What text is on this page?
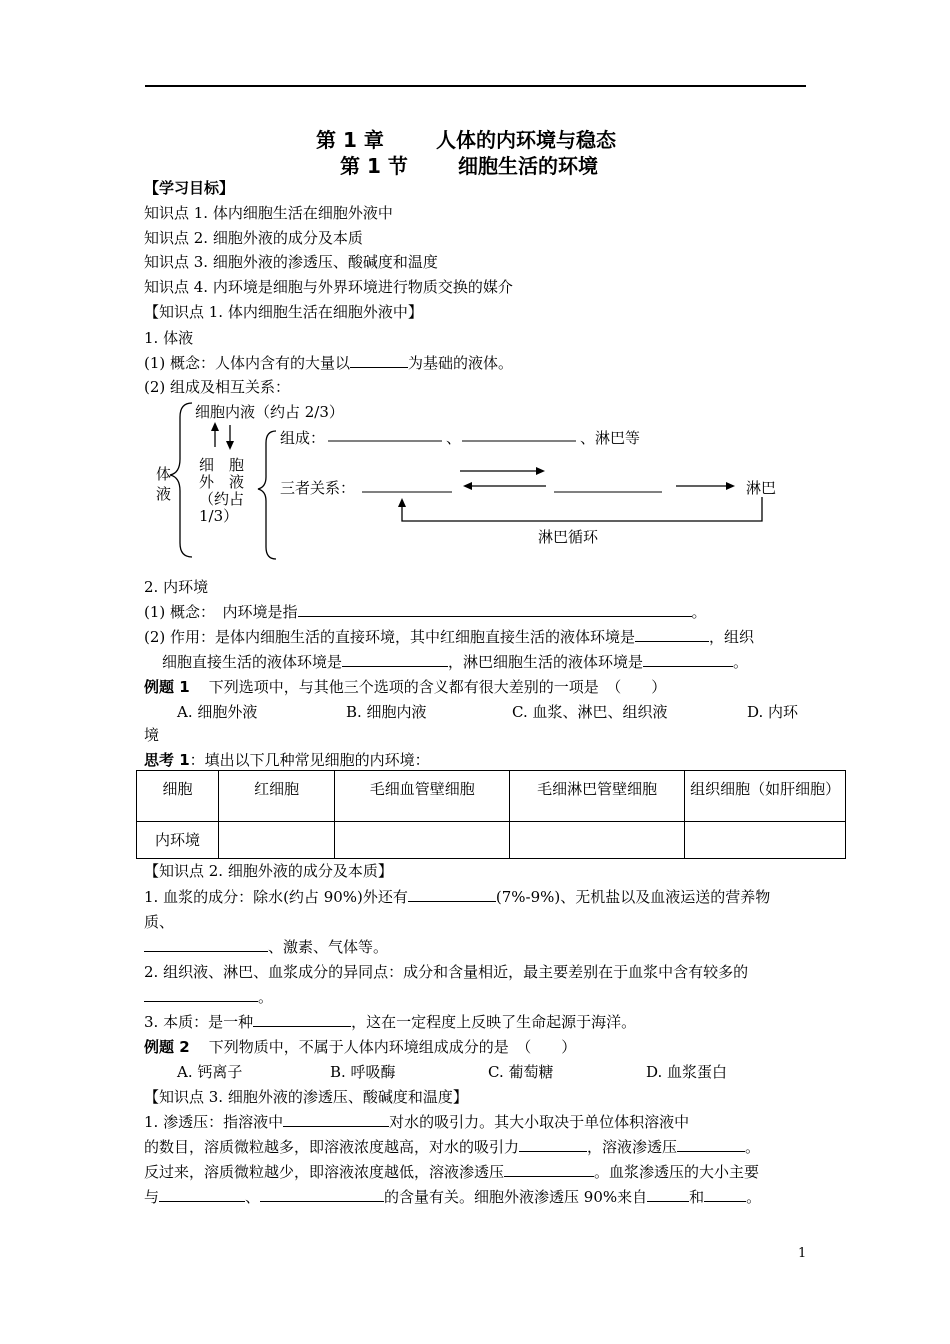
第 1 章	人体的内环境与稳态
第 1 节	细胞生活的环境
【学习目标】
知识点 1. 体内细胞生活在细胞外液中
知识点 2. 细胞外液的成分及本质
知识点 3. 细胞外液的渗透压、酸碱度和温度
知识点 4. 内环境是细胞与外界环境进行物质交换的媒介
【知识点 1. 体内细胞生活在细胞外液中】
1. 体液
(1) 概念：人体内含有的大量以	为基础的液体。
(2) 组成及相互关系：
细胞内液（约占 2/3）
体
液
细　胞
外　液
（约占
1/3）
组成：	、	、淋巴等
三者关系：	淋巴
淋巴循环
2. 内环境
(1) 概念：　内环境是指	。
(2) 作用：是体内细胞生活的直接环境，其中红细胞直接生活的液体环境是	，组织
细胞直接生活的液体环境是	，淋巴细胞生活的液体环境是	。
例题 1 下列选项中，与其他三个选项的含义都有很大差别的一项是　（　　）
A. 细胞外液	B. 细胞内液	C. 血浆、淋巴、组织液	D. 内环
境
思考 1：填出以下几种常见细胞的内环境：
细胞	红细胞	毛细血管壁细胞	毛细淋巴管壁细胞	组织细胞（如肝细胞）
内环境				
【知识点 2. 细胞外液的成分及本质】
1. 血浆的成分：除水(约占 90%)外还有	(7%-9%)、无机盐以及血液运送的营养物
质、
、激素、气体等。
2. 组织液、淋巴、血浆成分的异同点：成分和含量相近，最主要差别在于血浆中含有较多的
。
3. 本质：是一种	，这在一定程度上反映了生命起源于海洋。
例题 2 下列物质中，不属于人体内环境组成成分的是　（　　）
A. 钙离子	B. 呼吸酶	C. 葡萄糖	D. 血浆蛋白
【知识点 3. 细胞外液的渗透压、酸碱度和温度】
1. 渗透压：指溶液中	对水的吸引力。其大小取决于单位体积溶液中
的数目，溶质微粒越多，即溶液浓度越高，对水的吸引力	，溶液渗透压	。
反过来，溶质微粒越少，即溶液浓度越低，溶液渗透压	。血浆渗透压的大小主要
与	、	的含量有关。细胞外液渗透压 90%来自	和	。
1
